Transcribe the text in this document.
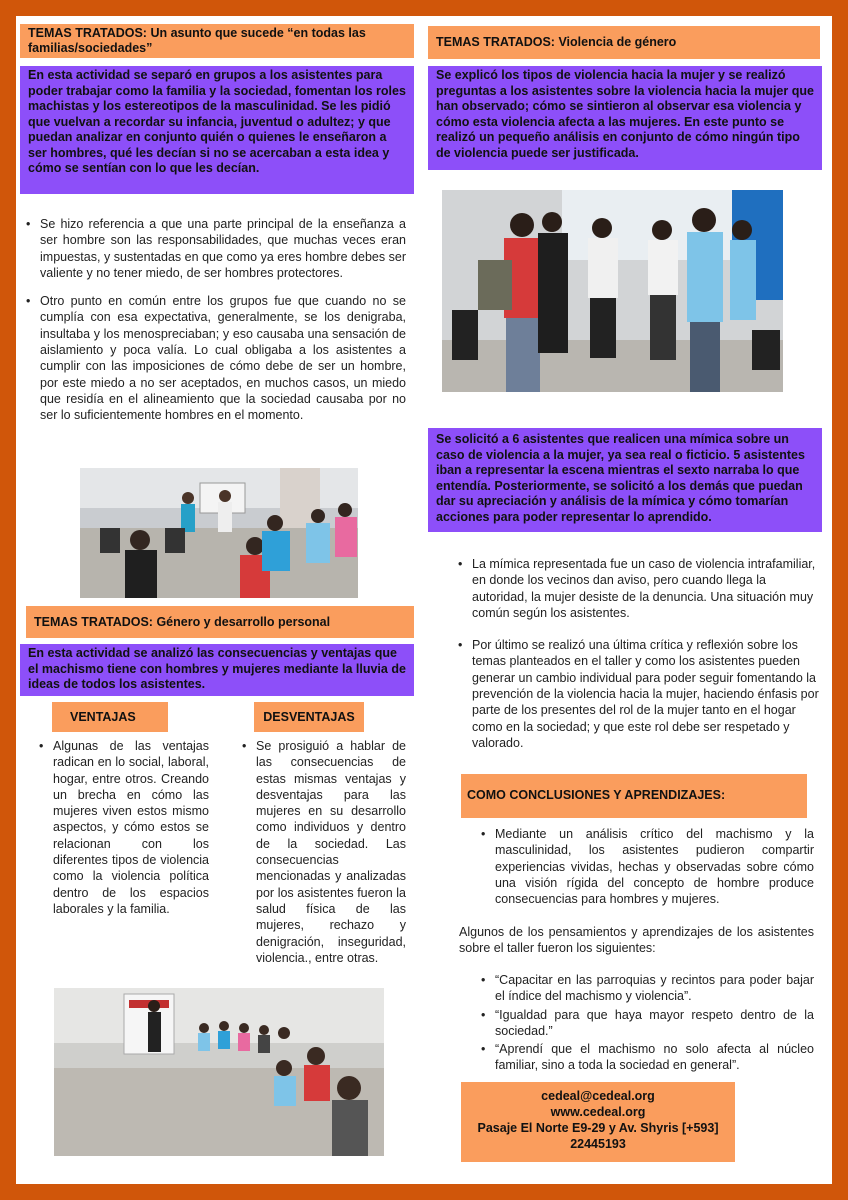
TEMAS TRATADOS: Un asunto que sucede “en todas las familias/sociedades”
En esta actividad se separó en grupos a los asistentes para poder trabajar como la familia y la sociedad, fomentan los roles machistas y los estereotipos de la masculinidad. Se les pidió que vuelvan a recordar su infancia, juventud o adultez; y que puedan analizar en conjunto quién o quienes le enseñaron a ser hombres, qué les decían si no se acercaban a esta idea y cómo se sentían con lo que les decían.
• Se hizo referencia a que una parte principal de la enseñanza a ser hombre son las responsabilidades, que muchas veces eran impuestas, y sustentadas en que como ya eres hombre debes ser valiente y no tener miedo, de ser hombres protectores.
• Otro punto en común entre los grupos fue que cuando no se cumplía con esa expectativa, generalmente, se los denigraba, insultaba y los menospreciaban; y eso causaba una sensación de aislamiento y poca valía. Lo cual obligaba a los asistentes a cumplir con las imposiciones de cómo debe de ser un hombre, por este miedo a no ser aceptados, en muchos casos, un miedo que residía en el alineamiento que la sociedad causaba por no ser lo suficientemente hombres en el momento.
TEMAS TRATADOS: Género y desarrollo personal
En esta actividad se analizó las consecuencias y ventajas que el machismo tiene con hombres y mujeres mediante la lluvia de ideas de todos los asistentes.
VENTAJAS	DESVENTAJAS
• Algunas de las ventajas radican en lo social, laboral, hogar, entre otros. Creando un brecha en cómo las mujeres viven estos mismo aspectos, y cómo estos se relacionan con los diferentes tipos de violencia como la violencia política dentro de los espacios laborales y la familia.
• Se prosiguió a hablar de las consecuencias de estas mismas ventajas y desventajas para las mujeres en su desarrollo como individuos y dentro de la sociedad. Las consecuencias mencionadas y analizadas por los asistentes fueron la salud física de las mujeres, rechazo y denigración, inseguridad, violencia., entre otras.
TEMAS TRATADOS: Violencia de género
Se explicó los tipos de violencia hacia la mujer y se realizó preguntas a los asistentes sobre la violencia hacia la mujer que han observado; cómo se sintieron al observar esa violencia y cómo esta violencia afecta a las mujeres. En este punto se realizó un pequeño análisis en conjunto de cómo ningún tipo de violencia puede ser justificada.
Se solicitó a 6 asistentes que realicen una mímica sobre un caso de violencia a la mujer, ya sea real o ficticio. 5 asistentes iban a representar la escena mientras el sexto narraba lo que entendía. Posteriormente, se solicitó a los demás que puedan dar su apreciación y análisis de la mímica y cómo tomarían acciones para poder representar lo aprendido.
• La mímica representada fue un caso de violencia intrafamiliar, en donde los vecinos dan aviso, pero cuando llega la autoridad, la mujer desiste de la denuncia. Una situación muy común según los asistentes.
• Por último se realizó una última crítica y reflexión sobre los temas planteados en el taller y como los asistentes pueden generar un cambio individual para poder seguir fomentando la prevención de la violencia hacia la mujer, haciendo énfasis por parte de los presentes del rol de la mujer tanto en el hogar como en la sociedad; y que este rol debe ser respetado y valorado.
COMO CONCLUSIONES Y APRENDIZAJES:
• Mediante un análisis crítico del machismo y la masculinidad, los asistentes pudieron compartir experiencias vividas, hechas y observadas sobre cómo una visión rígida del concepto de hombre produce consecuencias para hombres y mujeres.
Algunos de los pensamientos y aprendizajes de los asistentes sobre el taller fueron los siguientes:
• “Capacitar en las parroquias y recintos para poder bajar el índice del machismo y violencia”.
• “Igualdad para que haya mayor respeto dentro de la sociedad.”
• “Aprendí que el machismo no solo afecta al núcleo familiar, sino a toda la sociedad en general”.
cedeal@cedeal.org
www.cedeal.org
Pasaje El Norte E9-29 y Av. Shyris [+593] 22445193
